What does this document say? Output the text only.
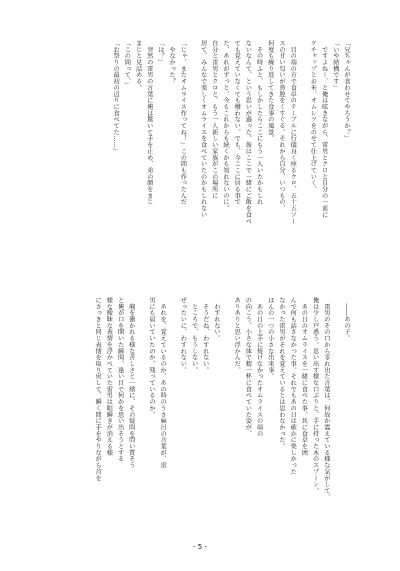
「兄ちゃんが食わせてやろうか？」
「いや結構です」
　ですよねー、と俺は呟きながら、雷男とクロと自分の一皿に
ケチャップとお米、オムレツをのせて仕上げていく。
　目の端の方で食卓のテーブルに行儀良く座るクロ、五十五ソー
スの甘い匂いが鼻腔をくすぐる。それから自分、いつもの、
何度も繰り返してきた食事の風景。
　その時ふと、もしかしたらここにもう一人いたかもしれ
ないなんて、という思いが過った。彼はここで一緒にご飯を食べ
ても覚えていなくても構わない。でも、今ここに居る事で
た、あれがずっと、今もこれからも続くかも知れないのに。
自分と雷男とクロと、もう一人新しい家族がこの場所に
居て、みんなで楽しくオムライスを食べていたのかもしれない
「じゃ、またオムライス作ってね！」この間も作ったんだ
　やなかった？
「は？」
　突然の雷男の言葉に俺は驚いて手を止め、弟の顔をまじ
まじと見詰める。
「この間って、」
「お祭りの最初の辺りに食べてた……」
　――あの子。
　雷男のその口から零れ出た言葉は、何故か震えている様な気がして、
俺は少し戸惑う。思い出す様な口ぶりと、手に持った木のスプーン。
　あの日のオムライスを一緒に食べた事。共に食卓を囲
んで何も話さなかった事。それでもあの日は確かに楽しかった
なかった雷男がそれを覚えているとは思わなかった。
ほんの一つの小さな出来事。
　あの日の上手に焼けなかったオムライスの端の
の向こう、小さな体で精一杯に食べていた姿が、
ありありと思い浮かんだ。
　わすれない。
　そうだね、わすれない。
　ところで、もうしない。
ぜったいに、わすれない。
　あれを、覚えているのか。あの時のうさ麻呂の言葉が、雷
男にも届いていたのか。残っているのか。
　胸を衝かれる様な苦しさと一緒に、その疑問を問い質そう
と俺が口を開いた瞬間、逢い目で何かを思い出そうとする
様な曖昧な表情を浮かべていた雷男は眼瞬きが消える様
にさっきと同じ表情を取り戻して、瞬く間に手をやりながら首を
- 5 -
